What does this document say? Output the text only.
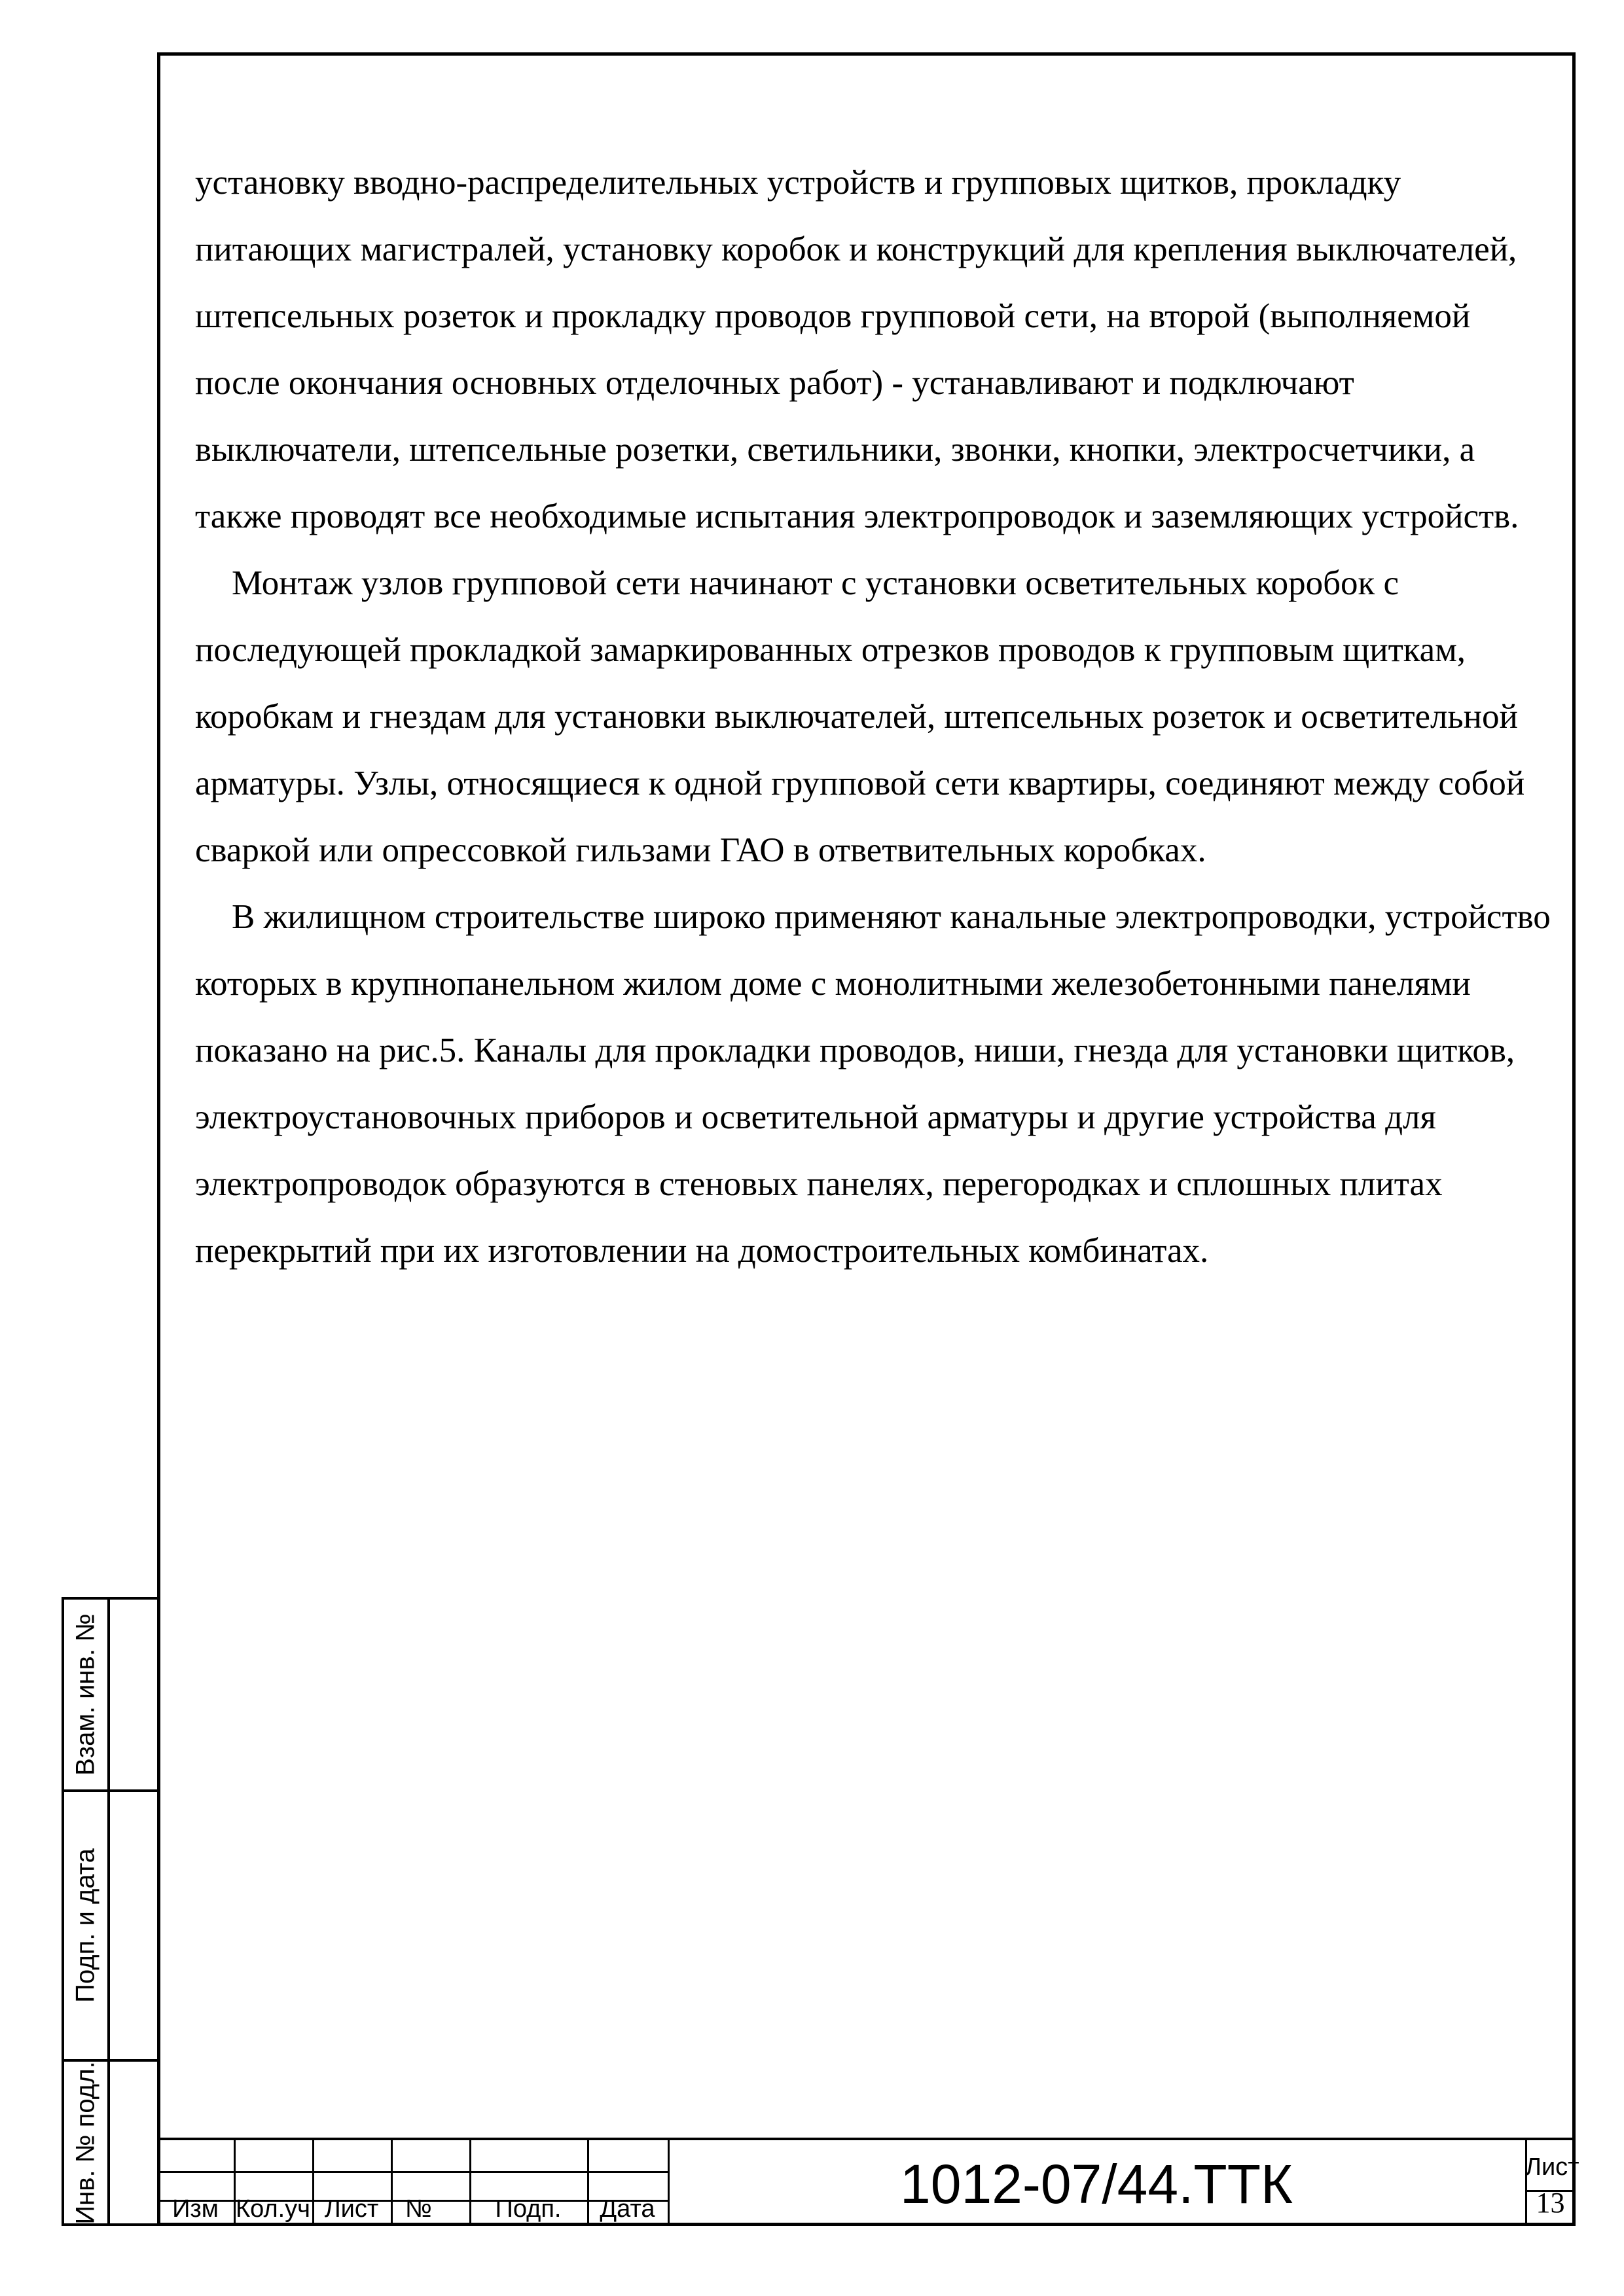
установку вводно-распределительных устройств и групповых щитков, прокладку питающих магистралей, установку коробок и конструкций для крепления выключателей, штепсельных розеток и прокладку проводов групповой сети, на второй (выполняемой после окончания основных отделочных работ) - устанавливают и подключают выключатели, штепсельные розетки, светильники, звонки, кнопки, электросчетчики, а также проводят все необходимые испытания электропроводок и заземляющих устройств.

Монтаж узлов групповой сети начинают с установки осветительных коробок с последующей прокладкой замаркированных отрезков проводов к групповым щиткам, коробкам и гнездам для установки выключателей, штепсельных розеток и осветительной арматуры. Узлы, относящиеся к одной групповой сети квартиры, соединяют между собой сваркой или опрессовкой гильзами ГАО в ответвительных коробках.

В жилищном строительстве широко применяют канальные электропроводки, устройство которых в крупнопанельном жилом доме с монолитными железобетонными панелями показано на рис.5. Каналы для прокладки проводов, ниши, гнезда для установки щитков, электроустановочных приборов и осветительной арматуры и другие устройства для электропроводок образуются в стеновых панелях, перегородках и сплошных плитах перекрытий при их изготовлении на домостроительных комбинатах.

Взам. инв. №
Подп. и дата
Инв. № подл.	Изм Кол.уч Лист	№	Подп.	Дата	1012-07/44.ТТК	Лист
13
